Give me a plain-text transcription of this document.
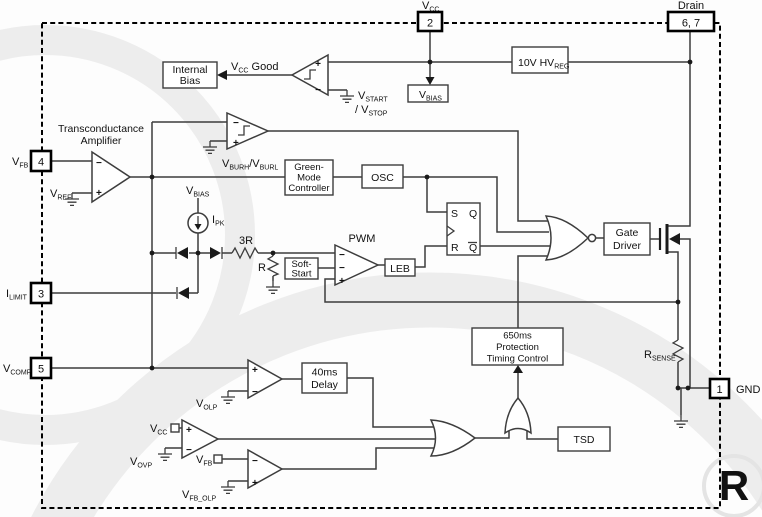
R
+
−
−
+
−
+
−
−
+
+
−
+
−
−
+
S Q
R Q
Internal
Bias
10V $HV_{REG}$
$V_{BIAS}$
Green-
Mode
Controller
OSC
Soft-
Start	LEB
Gate
Driver
40ms
Delay
650ms
Protection
Timing Control
TSD
$V_{CC}$
2
Drain
6, 7
$V_{FB}$ 4
$I_{LIMIT}$ 3
$V_{COMP}$ 5
GND
1
$V_{CC}$ Good
$V_{START}$
/ $V_{STOP}$
Transconductance
Amplifier
$V_{REF}$
$V_{BURH}/V_{BURL}$
$V_{BIAS}$
$I_{PK}$
3R
R
PWM
$V_{OLP}$
$V_{CC}$
$V_{OVP}$	$V_{FB}$
$V_{FB\_OLP}$
$R_{SENSE}$
